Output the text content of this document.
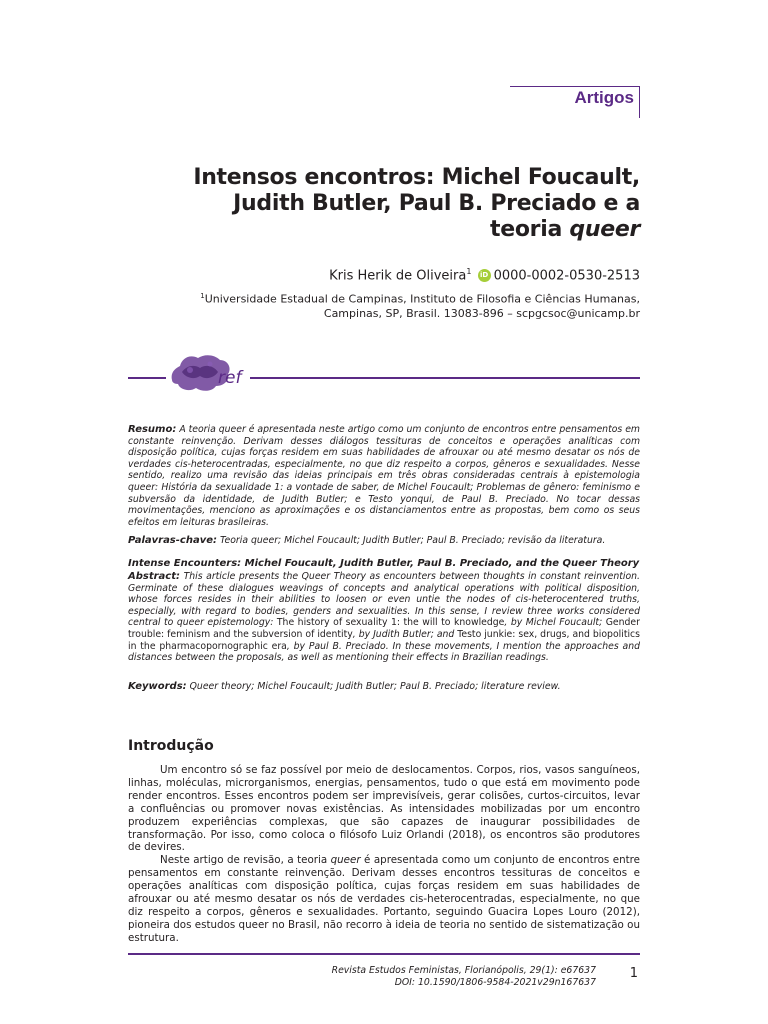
Artigos
Intensos encontros: Michel Foucault,
Judith Butler, Paul B. Preciado e a
teoria queer
Kris Herik de Oliveira$^1$ iD 0000-0002-0530-2513
$^1$Universidade Estadual de Campinas, Instituto de Filosofia e Ciências Humanas,
Campinas, SP, Brasil. 13083-896 – scpgcsoc@unicamp.br
ref
Resumo: A teoria queer é apresentada neste artigo como um conjunto de encontros entre pensamentos em constante reinvenção. Derivam desses diálogos tessituras de conceitos e operações analíticas com disposição política, cujas forças residem em suas habilidades de afrouxar ou até mesmo desatar os nós de verdades cis-heterocentradas, especialmente, no que diz respeito a corpos, gêneros e sexualidades. Nesse sentido, realizo uma revisão das ideias principais em três obras consideradas centrais à epistemologia queer: História da sexualidade 1: a vontade de saber, de Michel Foucault; Problemas de gênero: feminismo e subversão da identidade, de Judith Butler; e Testo yonqui, de Paul B. Preciado. No tocar dessas movimentações, menciono as aproximações e os distanciamentos entre as propostas, bem como os seus efeitos em leituras brasileiras.
Palavras-chave: Teoria queer; Michel Foucault; Judith Butler; Paul B. Preciado; revisão da literatura.
Intense Encounters: Michel Foucault, Judith Butler, Paul B. Preciado, and the Queer Theory
Abstract: This article presents the Queer Theory as encounters between thoughts in constant reinvention. Germinate of these dialogues weavings of concepts and analytical operations with political disposition, whose forces resides in their abilities to loosen or even untie the nodes of cis-heterocentered truths, especially, with regard to bodies, genders and sexualities. In this sense, I review three works considered central to queer epistemology: The history of sexuality 1: the will to knowledge, by Michel Foucault; Gender trouble: feminism and the subversion of identity, by Judith Butler; and Testo junkie: sex, drugs, and biopolitics in the pharmacopornographic era, by Paul B. Preciado. In these movements, I mention the approaches and distances between the proposals, as well as mentioning their effects in Brazilian readings.
Keywords: Queer theory; Michel Foucault; Judith Butler; Paul B. Preciado; literature review.
Introdução

Um encontro só se faz possível por meio de deslocamentos. Corpos, rios, vasos sanguíneos, linhas, moléculas, microrganismos, energias, pensamentos, tudo o que está em movimento pode render encontros. Esses encontros podem ser imprevisíveis, gerar colisões, curtos-circuitos, levar a confluências ou promover novas existências. As intensidades mobilizadas por um encontro produzem experiências complexas, que são capazes de inaugurar possibilidades de transformação. Por isso, como coloca o filósofo Luiz Orlandi (2018), os encontros são produtores de devires.

Neste artigo de revisão, a teoria queer é apresentada como um conjunto de encontros entre pensamentos em constante reinvenção. Derivam desses encontros tessituras de conceitos e operações analíticas com disposição política, cujas forças residem em suas habilidades de afrouxar ou até mesmo desatar os nós de verdades cis-heterocentradas, especialmente, no que diz respeito a corpos, gêneros e sexualidades. Portanto, seguindo Guacira Lopes Louro (2012), pioneira dos estudos queer no Brasil, não recorro à ideia de teoria no sentido de sistematização ou estrutura.

Revista Estudos Feministas, Florianópolis, 29(1): e67637
DOI: 10.1590/1806-9584-2021v29n167637
1
